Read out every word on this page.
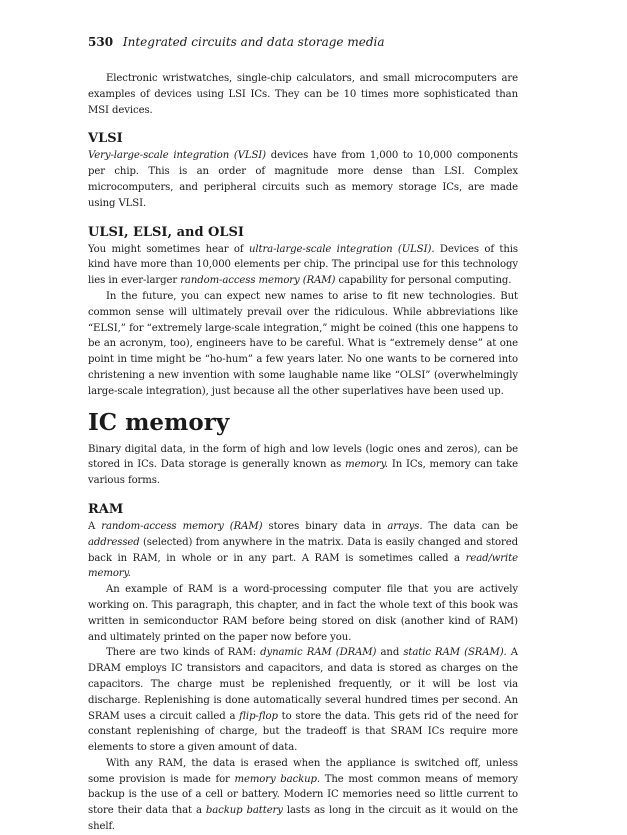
530 Integrated circuits and data storage media

Electronic wristwatches, single-chip calculators, and small microcomputers are examples of devices using LSI ICs. They can be 10 times more sophisticated than MSI devices.

VLSI

Very-large-scale integration (VLSI) devices have from 1,000 to 10,000 components per chip. This is an order of magnitude more dense than LSI. Complex microcomputers, and peripheral circuits such as memory storage ICs, are made using VLSI.

ULSI, ELSI, and OLSI

You might sometimes hear of ultra-large-scale integration (ULSI). Devices of this kind have more than 10,000 elements per chip. The principal use for this technology lies in ever-larger random-access memory (RAM) capability for personal computing.

In the future, you can expect new names to arise to fit new technologies. But common sense will ultimately prevail over the ridiculous. While abbreviations like “ELSI,” for “extremely large-scale integration,” might be coined (this one happens to be an acronym, too), engineers have to be careful. What is “extremely dense” at one point in time might be “ho-hum” a few years later. No one wants to be cornered into christening a new invention with some laughable name like “OLSI” (overwhelmingly large-scale integration), just because all the other superlatives have been used up.

IC memory

Binary digital data, in the form of high and low levels (logic ones and zeros), can be stored in ICs. Data storage is generally known as memory. In ICs, memory can take various forms.

RAM

A random-access memory (RAM) stores binary data in arrays. The data can be addressed (selected) from anywhere in the matrix. Data is easily changed and stored back in RAM, in whole or in any part. A RAM is sometimes called a read/write memory.

An example of RAM is a word-processing computer file that you are actively working on. This paragraph, this chapter, and in fact the whole text of this book was written in semiconductor RAM before being stored on disk (another kind of RAM) and ultimately printed on the paper now before you.

There are two kinds of RAM: dynamic RAM (DRAM) and static RAM (SRAM). A DRAM employs IC transistors and capacitors, and data is stored as charges on the capacitors. The charge must be replenished frequently, or it will be lost via discharge. Replenishing is done automatically several hundred times per second. An SRAM uses a circuit called a flip-flop to store the data. This gets rid of the need for constant replenishing of charge, but the tradeoff is that SRAM ICs require more elements to store a given amount of data.

With any RAM, the data is erased when the appliance is switched off, unless some provision is made for memory backup. The most common means of memory backup is the use of a cell or battery. Modern IC memories need so little current to store their data that a backup battery lasts as long in the circuit as it would on the shelf.
